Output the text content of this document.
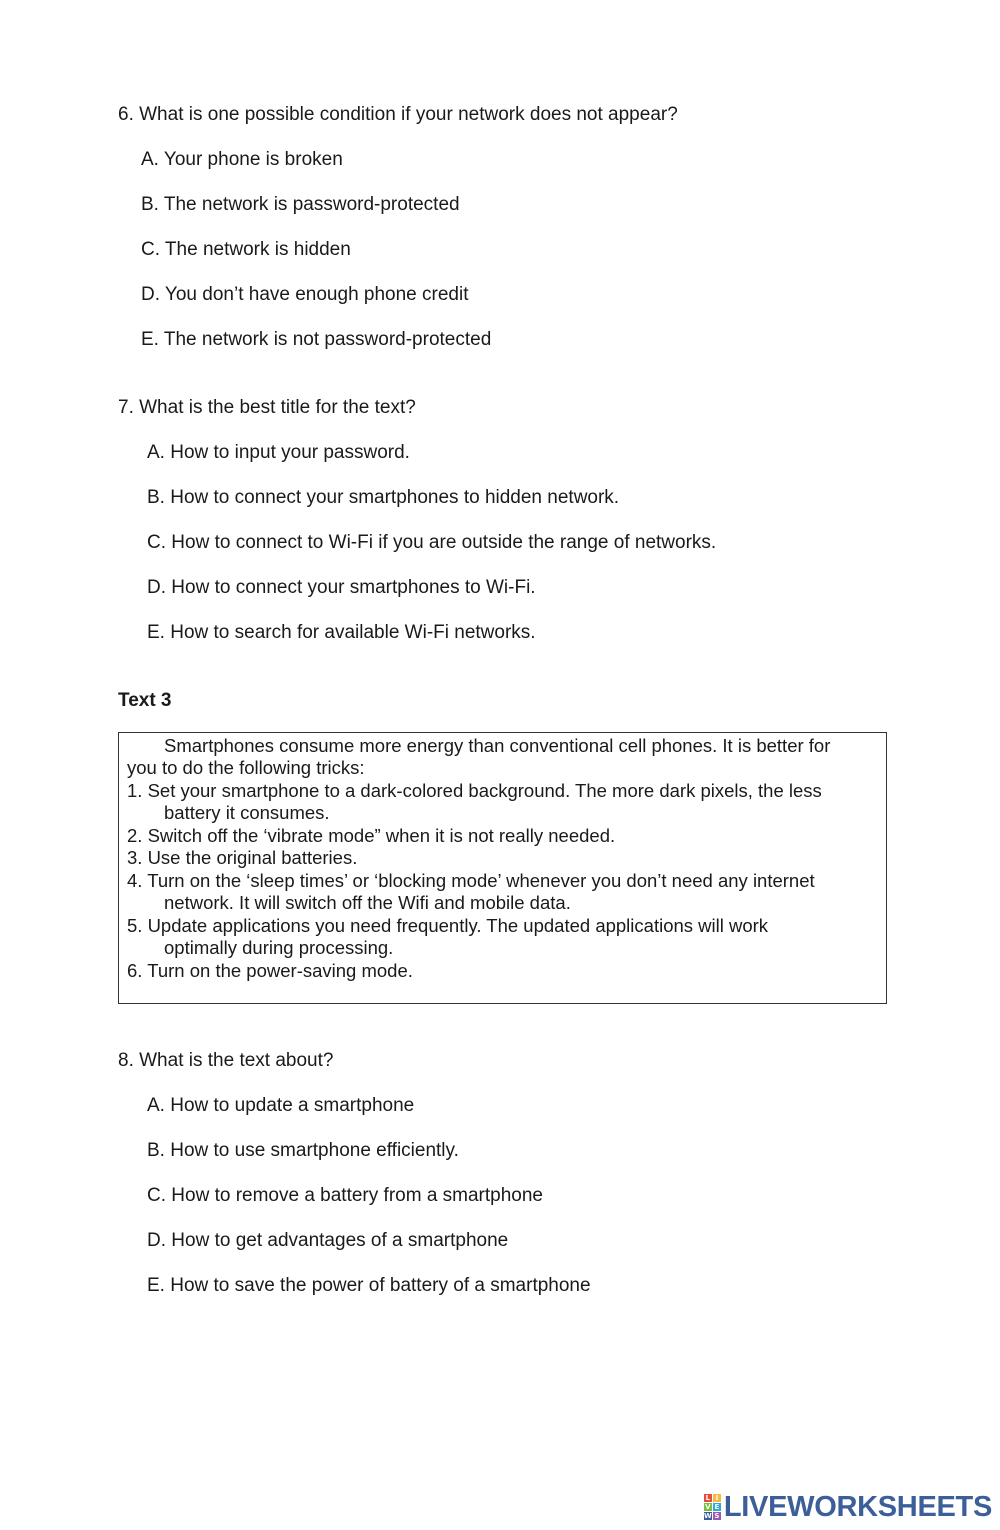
6. What is one possible condition if your network does not appear?
A. Your phone is broken
B. The network is password-protected
C. The network is hidden
D. You don’t have enough phone credit
E. The network is not password-protected
7. What is the best title for the text?
A. How to input your password.
B. How to connect your smartphones to hidden network.
C. How to connect to Wi-Fi if you are outside the range of networks.
D. How to connect your smartphones to Wi-Fi.
E. How to search for available Wi-Fi networks.
Text 3
Smartphones consume more energy than conventional cell phones. It is better for
you to do the following tricks:
1. Set your smartphone to a dark-colored background. The more dark pixels, the less
battery it consumes.
2. Switch off the ‘vibrate mode” when it is not really needed.
3. Use the original batteries.
4. Turn on the ‘sleep times’ or ‘blocking mode’ whenever you don’t need any internet
network. It will switch off the Wifi and mobile data.
5. Update applications you need frequently. The updated applications will work
optimally during processing.
6. Turn on the power-saving mode.
8. What is the text about?
A. How to update a smartphone
B. How to use smartphone efficiently.
C. How to remove a battery from a smartphone
D. How to get advantages of a smartphone
E. How to save the power of battery of a smartphone
L I
V E
W S LIVEWORKSHEETS
